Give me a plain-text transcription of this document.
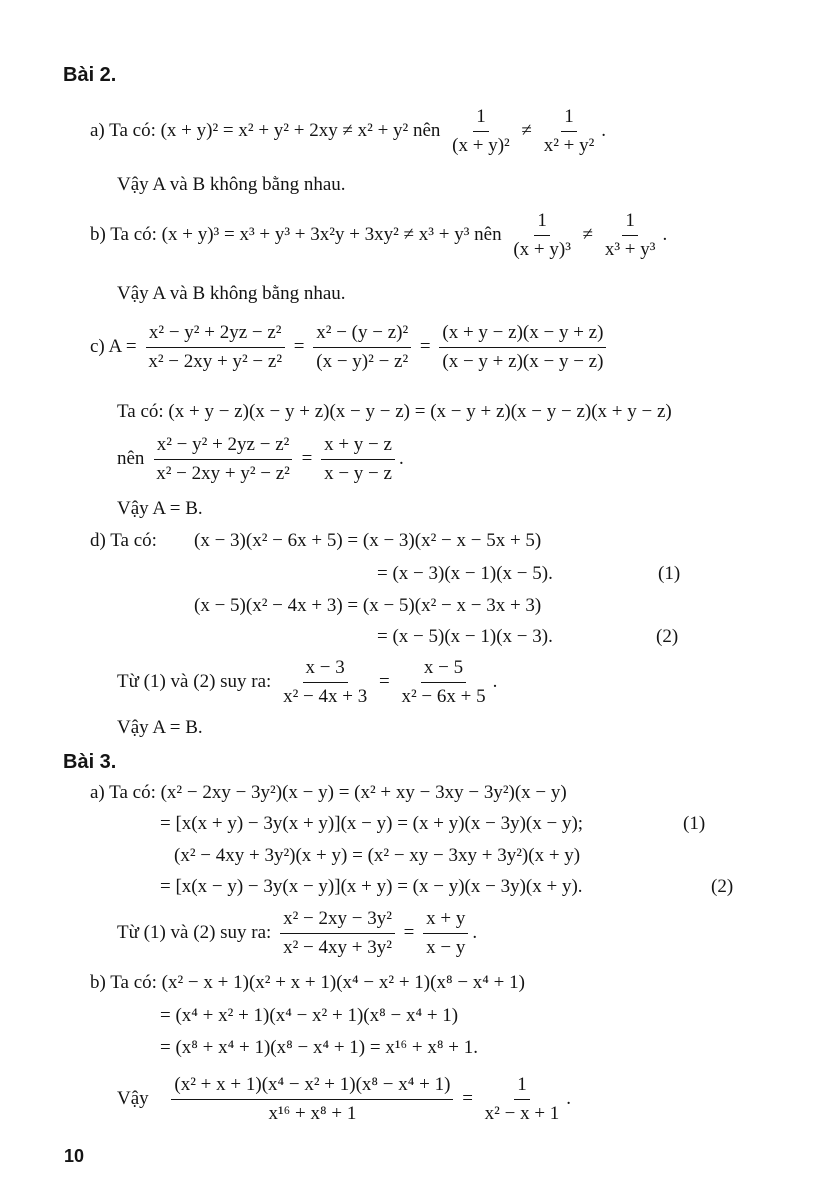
Bài 2.
a) Ta có: (x + y)² = x² + y² + 2xy ≠ x² + y² nên $\frac{1}{\text{(x + y)²}} \ne \frac{1}{\text{x² + y²}}$ .
Vậy A và B không bằng nhau.
b) Ta có: (x + y)³ = x³ + y³ + 3x²y + 3xy² ≠ x³ + y³ nên $\frac{1}{\text{(x + y)³}} \ne \frac{1}{\text{x³ + y³}}$ .
Vậy A và B không bằng nhau.
c) $A = \frac{\text{x² − y² + 2yz − z²}}{\text{x² − 2xy + y² − z²}} = \frac{\text{x² − (y − z)²}}{\text{(x − y)² − z²}} = \frac{(x + y - z)(x - y + z)}{(x - y + z)(x - y - z)}$
Ta có: (x + y − z)(x − y + z)(x − y − z) = (x − y + z)(x − y − z)(x + y − z)
nên $\frac{\text{x² − y² + 2yz − z²}}{\text{x² − 2xy + y² − z²}} = \frac{x + y - z}{x - y - z}$ .
Vậy A = B.
d) Ta có: (x − 3)(x² − 6x + 5) = (x − 3)(x² − x − 5x + 5)
= (x − 3)(x − 1)(x − 5).	(1)
(x − 5)(x² − 4x + 3) = (x − 5)(x² − x − 3x + 3)
= (x − 5)(x − 1)(x − 3).	(2)
Từ (1) và (2) suy ra: $\frac{x - 3}{\text{x² − 4x + 3}} = \frac{x - 5}{\text{x² − 6x + 5}}$ .
Vậy A = B.
Bài 3.
a) Ta có: (x² − 2xy − 3y²)(x − y) = (x² + xy − 3xy − 3y²)(x − y)
= [x(x + y) − 3y(x + y)](x − y) = (x + y)(x − 3y)(x − y);	(1)
(x² − 4xy + 3y²)(x + y) = (x² − xy − 3xy + 3y²)(x + y)
= [x(x − y) − 3y(x − y)](x + y) = (x − y)(x − 3y)(x + y).	(2)
Từ (1) và (2) suy ra: $\frac{\text{x² − 2xy − 3y²}}{\text{x² − 4xy + 3y²}} = \frac{x + y}{x - y}$ .
b) Ta có: (x² − x + 1)(x² + x + 1)(x⁴ − x² + 1)(x⁸ − x⁴ + 1)
= (x⁴ + x² + 1)(x⁴ − x² + 1)(x⁸ − x⁴ + 1)
= (x⁸ + x⁴ + 1)(x⁸ − x⁴ + 1) = x¹⁶ + x⁸ + 1.
Vậy $\frac{\text{(x² + x + 1)(x⁴ − x² + 1)(x⁸ − x⁴ + 1)}}{\text{x¹⁶ + x⁸ + 1}} = \frac{1}{\text{x² − x + 1}}$ .
10
